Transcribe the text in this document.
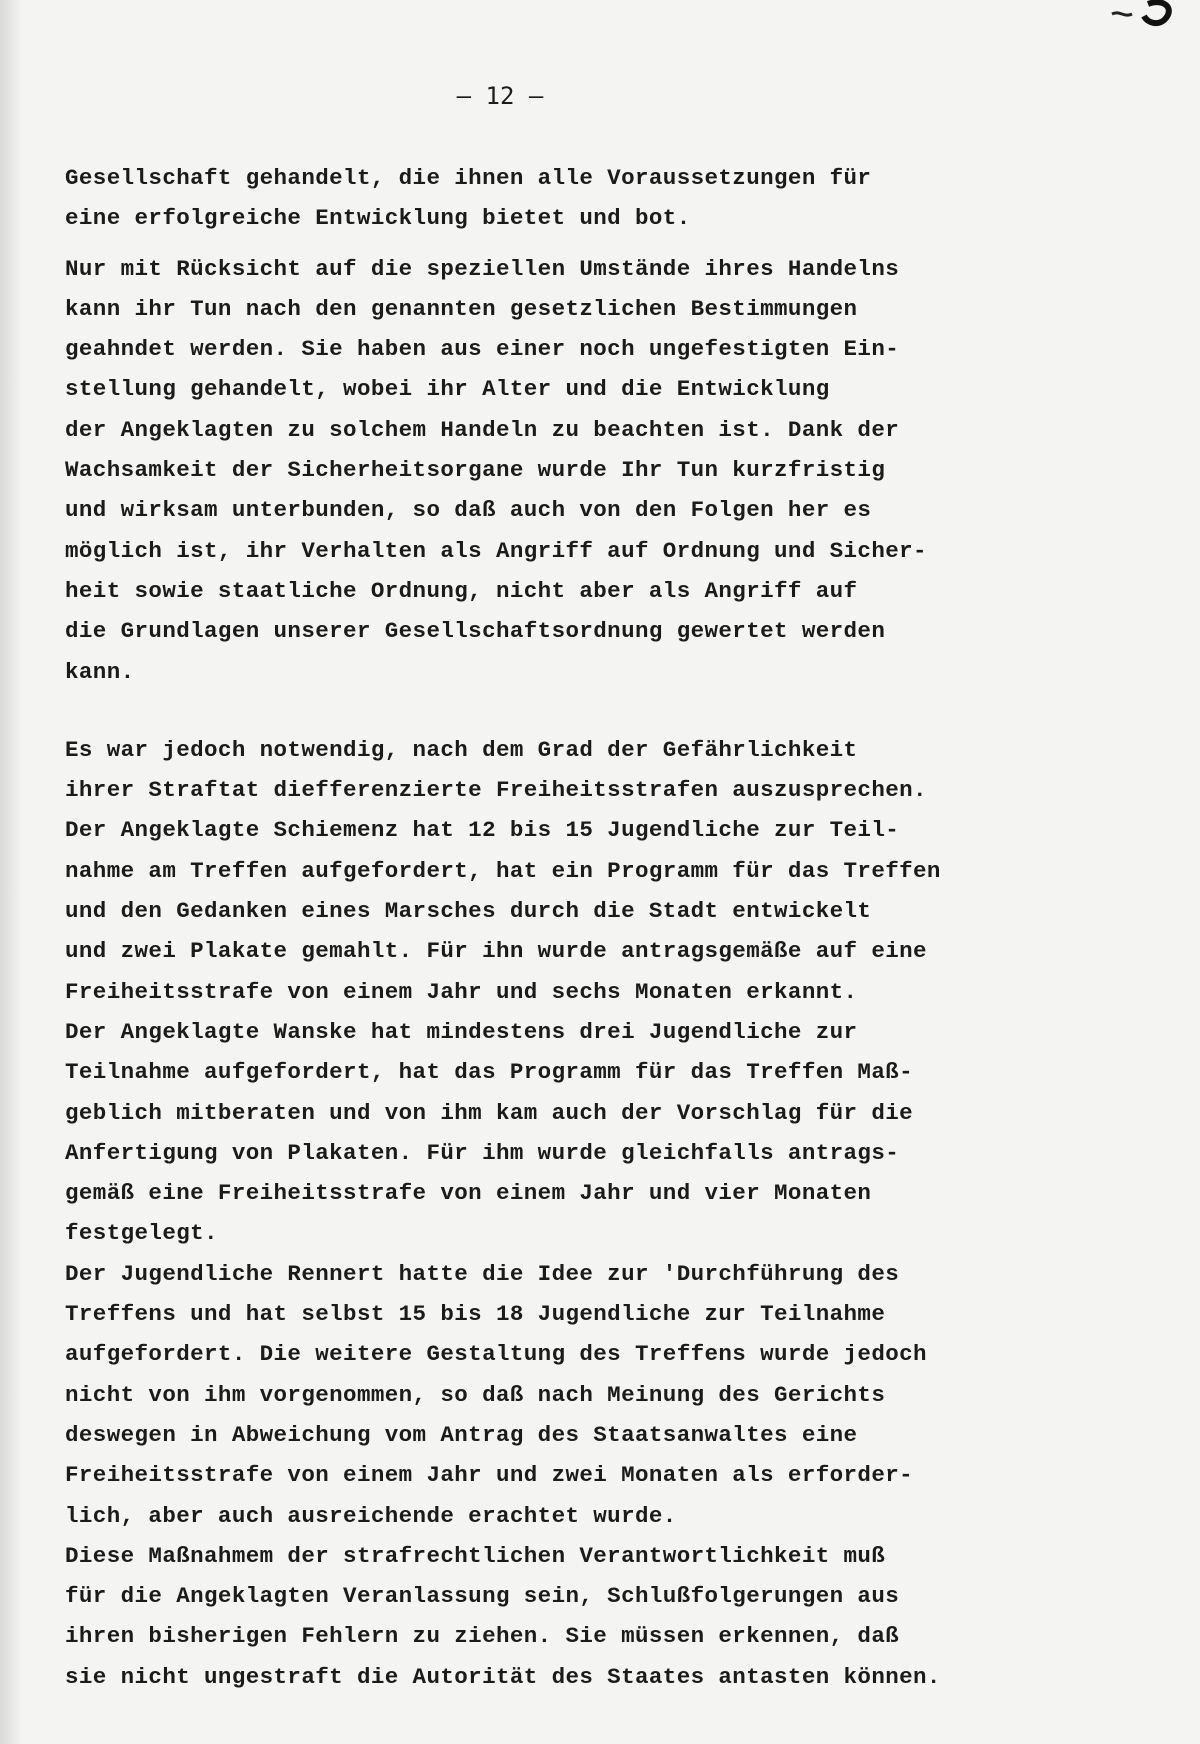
– 12 –
Gesellschaft gehandelt, die ihnen alle Voraussetzungen für
eine erfolgreiche Entwicklung bietet und bot.
Nur mit Rücksicht auf die speziellen Umstände ihres Handelns
kann ihr Tun nach den genannten gesetzlichen Bestimmungen
geahndet werden. Sie haben aus einer noch ungefestigten Ein-
stellung gehandelt, wobei ihr Alter und die Entwicklung
der Angeklagten zu solchem Handeln zu beachten ist. Dank der
Wachsamkeit der Sicherheitsorgane wurde Ihr Tun kurzfristig
und wirksam unterbunden, so daß auch von den Folgen her es
möglich ist, ihr Verhalten als Angriff auf Ordnung und Sicher-
heit sowie staatliche Ordnung, nicht aber als Angriff auf
die Grundlagen unserer Gesellschaftsordnung gewertet werden
kann.
Es war jedoch notwendig, nach dem Grad der Gefährlichkeit
ihrer Straftat diefferenzierte Freiheitsstrafen auszusprechen.
Der Angeklagte Schiemenz hat 12 bis 15 Jugendliche zur Teil-
nahme am Treffen aufgefordert, hat ein Programm für das Treffen
und den Gedanken eines Marsches durch die Stadt entwickelt
und zwei Plakate gemahlt. Für ihn wurde antragsgemäße auf eine
Freiheitsstrafe von einem Jahr und sechs Monaten erkannt.
Der Angeklagte Wanske hat mindestens drei Jugendliche zur
Teilnahme aufgefordert, hat das Programm für das Treffen Maß-
geblich mitberaten und von ihm kam auch der Vorschlag für die
Anfertigung von Plakaten. Für ihm wurde gleichfalls antrags-
gemäß eine Freiheitsstrafe von einem Jahr und vier Monaten
festgelegt.
Der Jugendliche Rennert hatte die Idee zur 'Durchführung des
Treffens und hat selbst 15 bis 18 Jugendliche zur Teilnahme
aufgefordert. Die weitere Gestaltung des Treffens wurde jedoch
nicht von ihm vorgenommen, so daß nach Meinung des Gerichts
deswegen in Abweichung vom Antrag des Staatsanwaltes eine
Freiheitsstrafe von einem Jahr und zwei Monaten als erforder-
lich, aber auch ausreichende erachtet wurde.
Diese Maßnahmem der strafrechtlichen Verantwortlichkeit muß
für die Angeklagten Veranlassung sein, Schlußfolgerungen aus
ihren bisherigen Fehlern zu ziehen. Sie müssen erkennen, daß
sie nicht ungestraft die Autorität des Staates antasten können.
